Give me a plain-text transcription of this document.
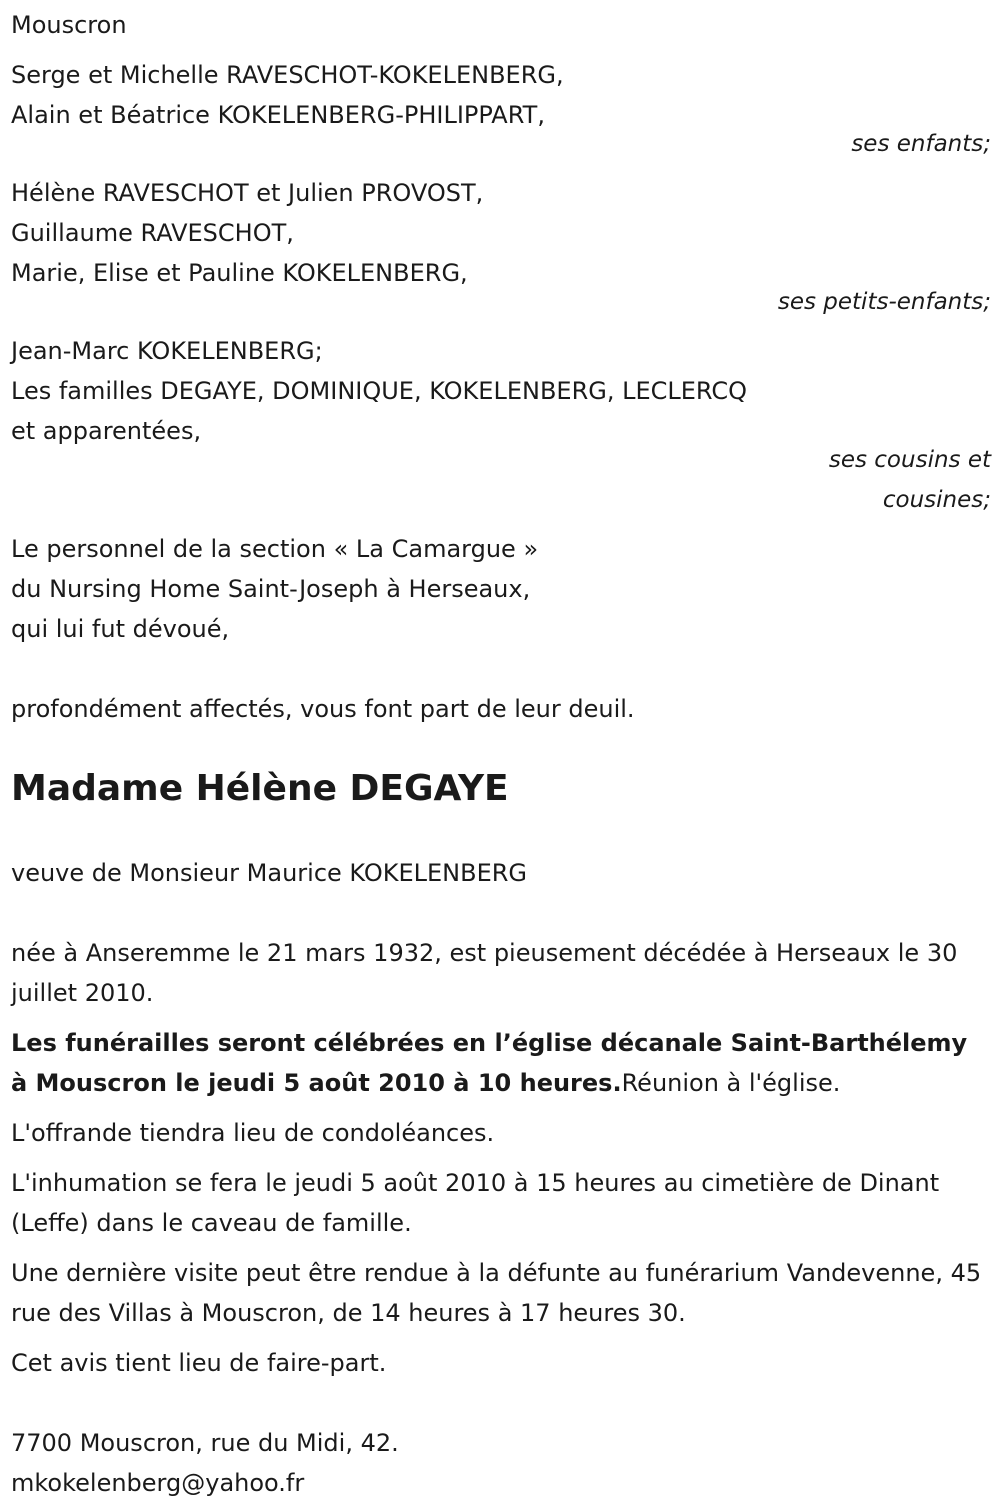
Mouscron
Serge et Michelle RAVESCHOT-KOKELENBERG,
Alain et Béatrice KOKELENBERG-PHILIPPART,
ses enfants;
Hélène RAVESCHOT et Julien PROVOST,
Guillaume RAVESCHOT,
Marie, Elise et Pauline KOKELENBERG,
ses petits-enfants;
Jean-Marc KOKELENBERG;
Les familles DEGAYE, DOMINIQUE, KOKELENBERG, LECLERCQ
et apparentées,
ses cousins et
cousines;
Le personnel de la section « La Camargue »
du Nursing Home Saint-Joseph à Herseaux,
qui lui fut dévoué,
profondément affectés, vous font part de leur deuil.
Madame Hélène DEGAYE
veuve de Monsieur Maurice KOKELENBERG
née à Anseremme le 21 mars 1932, est pieusement décédée à Herseaux le 30 juillet 2010.
Les funérailles seront célébrées en l’église décanale Saint-Barthélemy à Mouscron le jeudi 5 août 2010 à 10 heures.Réunion à l'église.
L'offrande tiendra lieu de condoléances.
L'inhumation se fera le jeudi 5 août 2010 à 15 heures au cimetière de Dinant (Leffe) dans le caveau de famille.
Une dernière visite peut être rendue à la défunte au funérarium Vandevenne, 45 rue des Villas à Mouscron, de 14 heures à 17 heures 30.
Cet avis tient lieu de faire-part.
7700 Mouscron, rue du Midi, 42.
mkokelenberg@yahoo.fr
